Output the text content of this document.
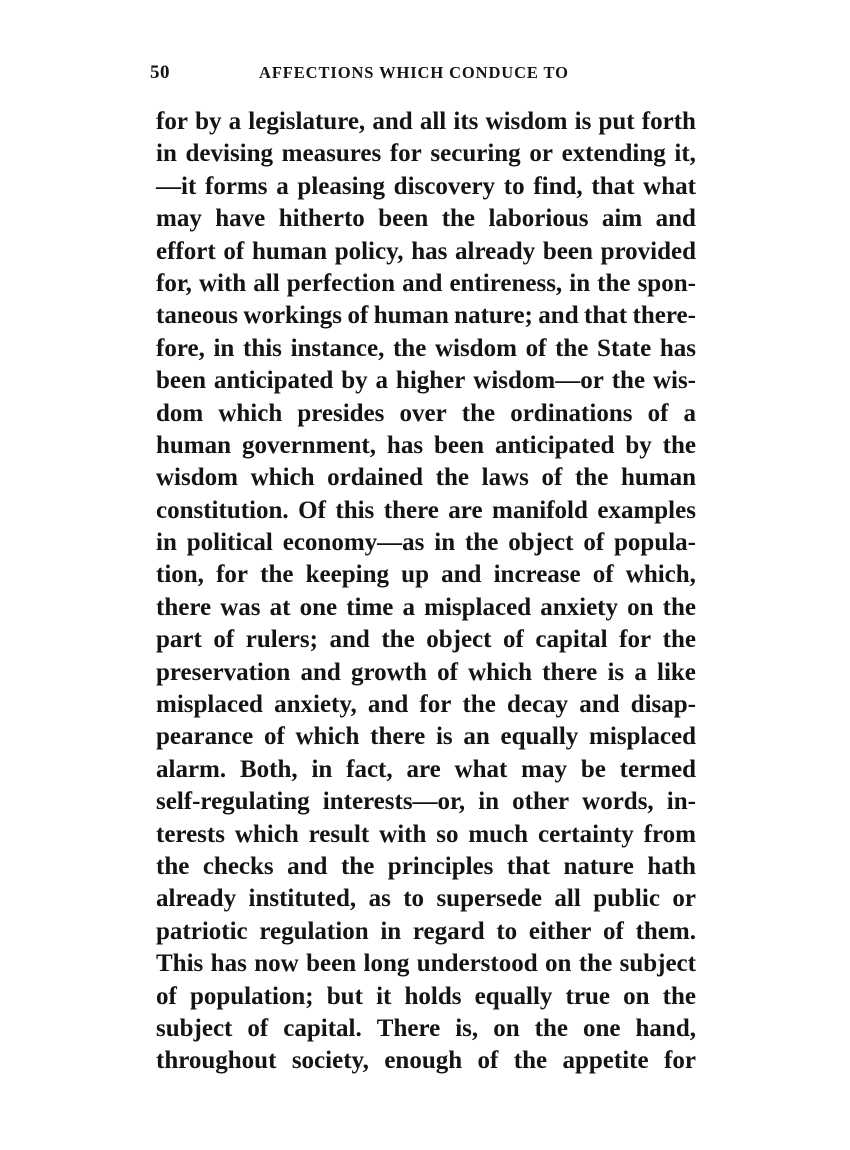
50	AFFECTIONS WHICH CONDUCE TO
for by a legislature, and all its wisdom is put forth
in devising measures for securing or extending it,
—it forms a pleasing discovery to find, that what
may have hitherto been the laborious aim and
effort of human policy, has already been provided
for, with all perfection and entireness, in the spon-
taneous workings of human nature; and that there-
fore, in this instance, the wisdom of the State has
been anticipated by a higher wisdom—or the wis-
dom which presides over the ordinations of a
human government, has been anticipated by the
wisdom which ordained the laws of the human
constitution. Of this there are manifold examples
in political economy—as in the object of popula-
tion, for the keeping up and increase of which,
there was at one time a misplaced anxiety on the
part of rulers; and the object of capital for the
preservation and growth of which there is a like
misplaced anxiety, and for the decay and disap-
pearance of which there is an equally misplaced
alarm. Both, in fact, are what may be termed
self-regulating interests—or, in other words, in-
terests which result with so much certainty from
the checks and the principles that nature hath
already instituted, as to supersede all public or
patriotic regulation in regard to either of them.
This has now been long understood on the subject
of population; but it holds equally true on the
subject of capital. There is, on the one hand,
throughout society, enough of the appetite for
